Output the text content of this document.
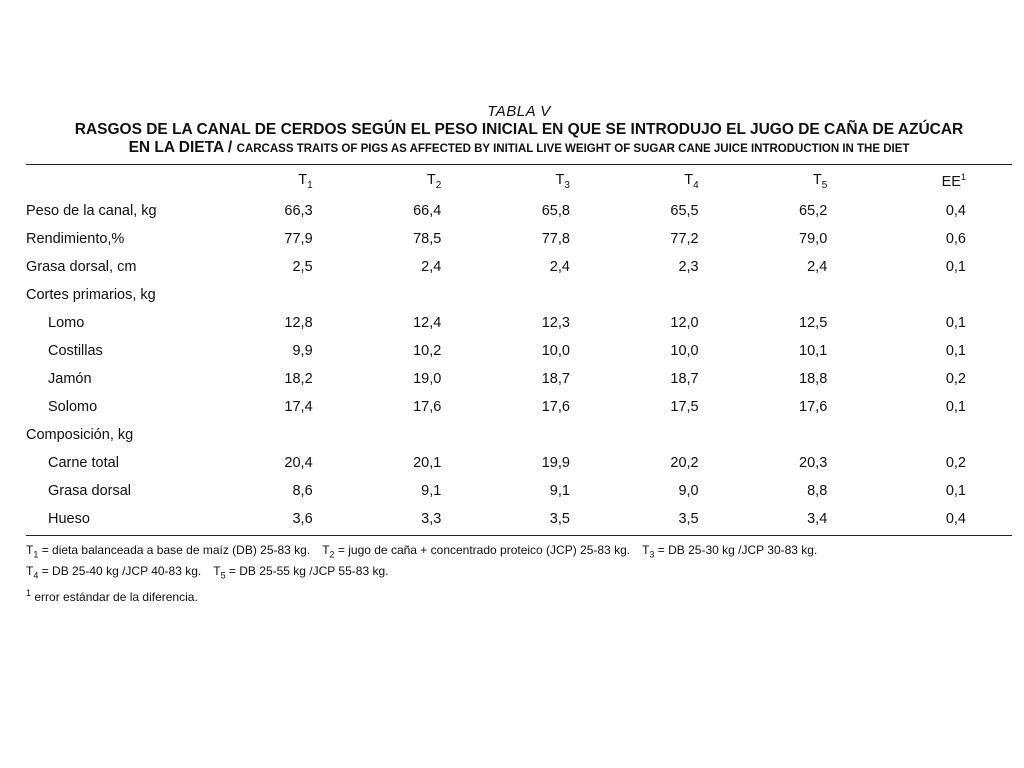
TABLA V
RASGOS DE LA CANAL DE CERDOS SEGÚN EL PESO INICIAL EN QUE SE INTRODUJO EL JUGO DE CAÑA DE AZÚCAR
EN LA DIETA / CARCASS TRAITS OF PIGS AS AFFECTED BY INITIAL LIVE WEIGHT OF SUGAR CANE JUICE INTRODUCTION IN THE DIET
	$T_1$	$T_2$	$T_3$	$T_4$	$T_5$	$EE^1$
Peso de la canal, kg	66,3	66,4	65,8	65,5	65,2	0,4
Rendimiento,%	77,9	78,5	77,8	77,2	79,0	0,6
Grasa dorsal, cm	2,5	2,4	2,4	2,3	2,4	0,1
Cortes primarios, kg						
Lomo	12,8	12,4	12,3	12,0	12,5	0,1
Costillas	9,9	10,2	10,0	10,0	10,1	0,1
Jamón	18,2	19,0	18,7	18,7	18,8	0,2
Solomo	17,4	17,6	17,6	17,5	17,6	0,1
Composición, kg						
Carne total	20,4	20,1	19,9	20,2	20,3	0,2
Grasa dorsal	8,6	9,1	9,1	9,0	8,8	0,1
Hueso	3,6	3,3	3,5	3,5	3,4	0,4
$T_1$ = dieta balanceada a base de maíz (DB) 25-83 kg. $T_2$ = jugo de caña + concentrado proteico (JCP) 25-83 kg. $T_3$ = DB 25-30 kg /JCP 30-83 kg.
$T_4$ = DB 25-40 kg /JCP 40-83 kg. $T_5$ = DB 25-55 kg /JCP 55-83 kg.
$^1$ error estándar de la diferencia.
